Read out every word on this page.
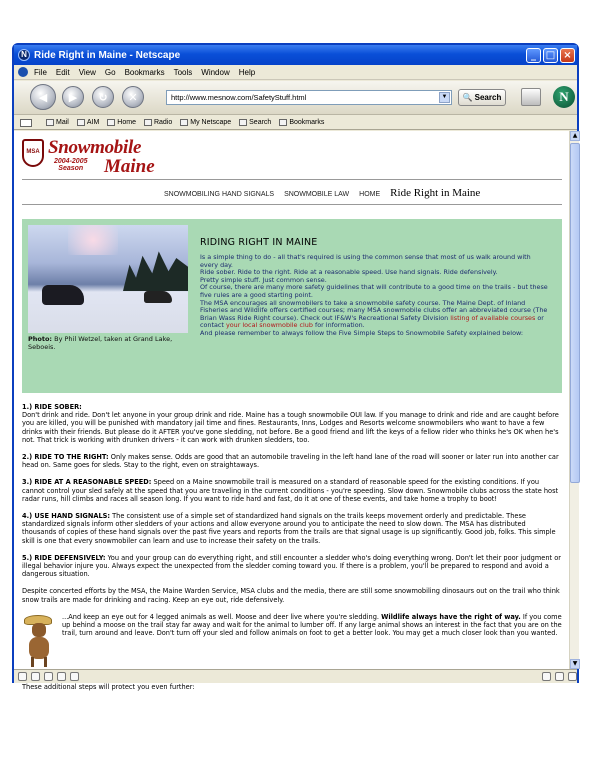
N Ride Right in Maine - Netscape	_ □ ×
File Edit View Go Bookmarks Tools Window Help
◀ ▶ ↻ ✕	http://www.mesnow.com/SafetyStuff.html	▼	🔍 Search	N
Mail	AIM	Home	Radio	My Netscape	Search	Bookmarks
MSA Snowmobile
2004-2005
Season Maine
SNOWMOBILING HAND SIGNALS SNOWMOBILE LAW HOME Ride Right in Maine
Photo: By Phil Wetzel, taken at Grand Lake, Seboeis.
RIDING RIGHT IN MAINE
Is a simple thing to do - all that's required is using the common sense that most of us walk around with every day.
Ride sober. Ride to the right. Ride at a reasonable speed. Use hand signals. Ride defensively.
Pretty simple stuff. Just common sense.
Of course, there are many more safety guidelines that will contribute to a good time on the trails - but these five rules are a good starting point.
The MSA encourages all snowmobilers to take a snowmobile safety course. The Maine Dept. of Inland Fisheries and Wildlife offers certified courses; many MSA snowmobile clubs offer an abbreviated course (The Brian Wass Ride Right course). Check out IF&W's Recreational Safety Division listing of available courses or contact your local snowmobile club for information.
And please remember to always follow the Five Simple Steps to Snowmobile Safety explained below:

1.) RIDE SOBER:
Don't drink and ride. Don't let anyone in your group drink and ride. Maine has a tough snowmobile OUI law. If you manage to drink and ride and are caught before you are killed, you will be punished with mandatory jail time and fines. Restaurants, Inns, Lodges and Resorts welcome snowmobilers who want to have a few drinks with their friends. But please do it AFTER you've gone sledding, not before. Be a good friend and lift the keys of a fellow rider who thinks he's OK when he's not. That trick is working with drunken drivers - it can work with drunken sledders, too.

2.) RIDE TO THE RIGHT: Only makes sense. Odds are good that an automobile traveling in the left hand lane of the road will sooner or later run into another car head on. Same goes for sleds. Stay to the right, even on straightaways.

3.) RIDE AT A REASONABLE SPEED: Speed on a Maine snowmobile trail is measured on a standard of reasonable speed for the existing conditions. If you cannot control your sled safely at the speed that you are traveling in the current conditions - you're speeding. Slow down. Snowmobile clubs across the state host radar runs, hill climbs and races all season long. If you want to ride hard and fast, do it at one of these events, and take home a trophy to boot!

4.) USE HAND SIGNALS: The consistent use of a simple set of standardized hand signals on the trails keeps movement orderly and predictable. These standardized signals inform other sledders of your actions and allow everyone around you to anticipate the need to slow down. The MSA has distributed thousands of copies of these hand signals over the past five years and reports from the trails are that signal usage is up significantly. Good job, folks. This simple skill is one that every snowmobiler can learn and use to increase their safety on the trails.

5.) RIDE DEFENSIVELY: You and your group can do everything right, and still encounter a sledder who's doing everything wrong. Don't let their poor judgment or illegal behavior injure you. Always expect the unexpected from the sledder coming toward you. If there is a problem, you'll be prepared to respond and avoid a dangerous situation.

Despite concerted efforts by the MSA, the Maine Warden Service, MSA clubs and the media, there are still some snowmobiling dinosaurs out on the trail who think snow trails are made for drinking and racing. Keep an eye out, ride defensively.

...And keep an eye out for 4 legged animals as well. Moose and deer live where you're sledding. Wildlife always have the right of way. If you come up behind a moose on the trail stay far away and wait for the animal to lumber off. If any large animal shows an interest in the fact that you are on the trail, turn around and leave. Don't turn off your sled and follow animals on foot to get a better look. You may get a much closer look than you wanted.

These additional steps will protect you even further:

▲
▼
